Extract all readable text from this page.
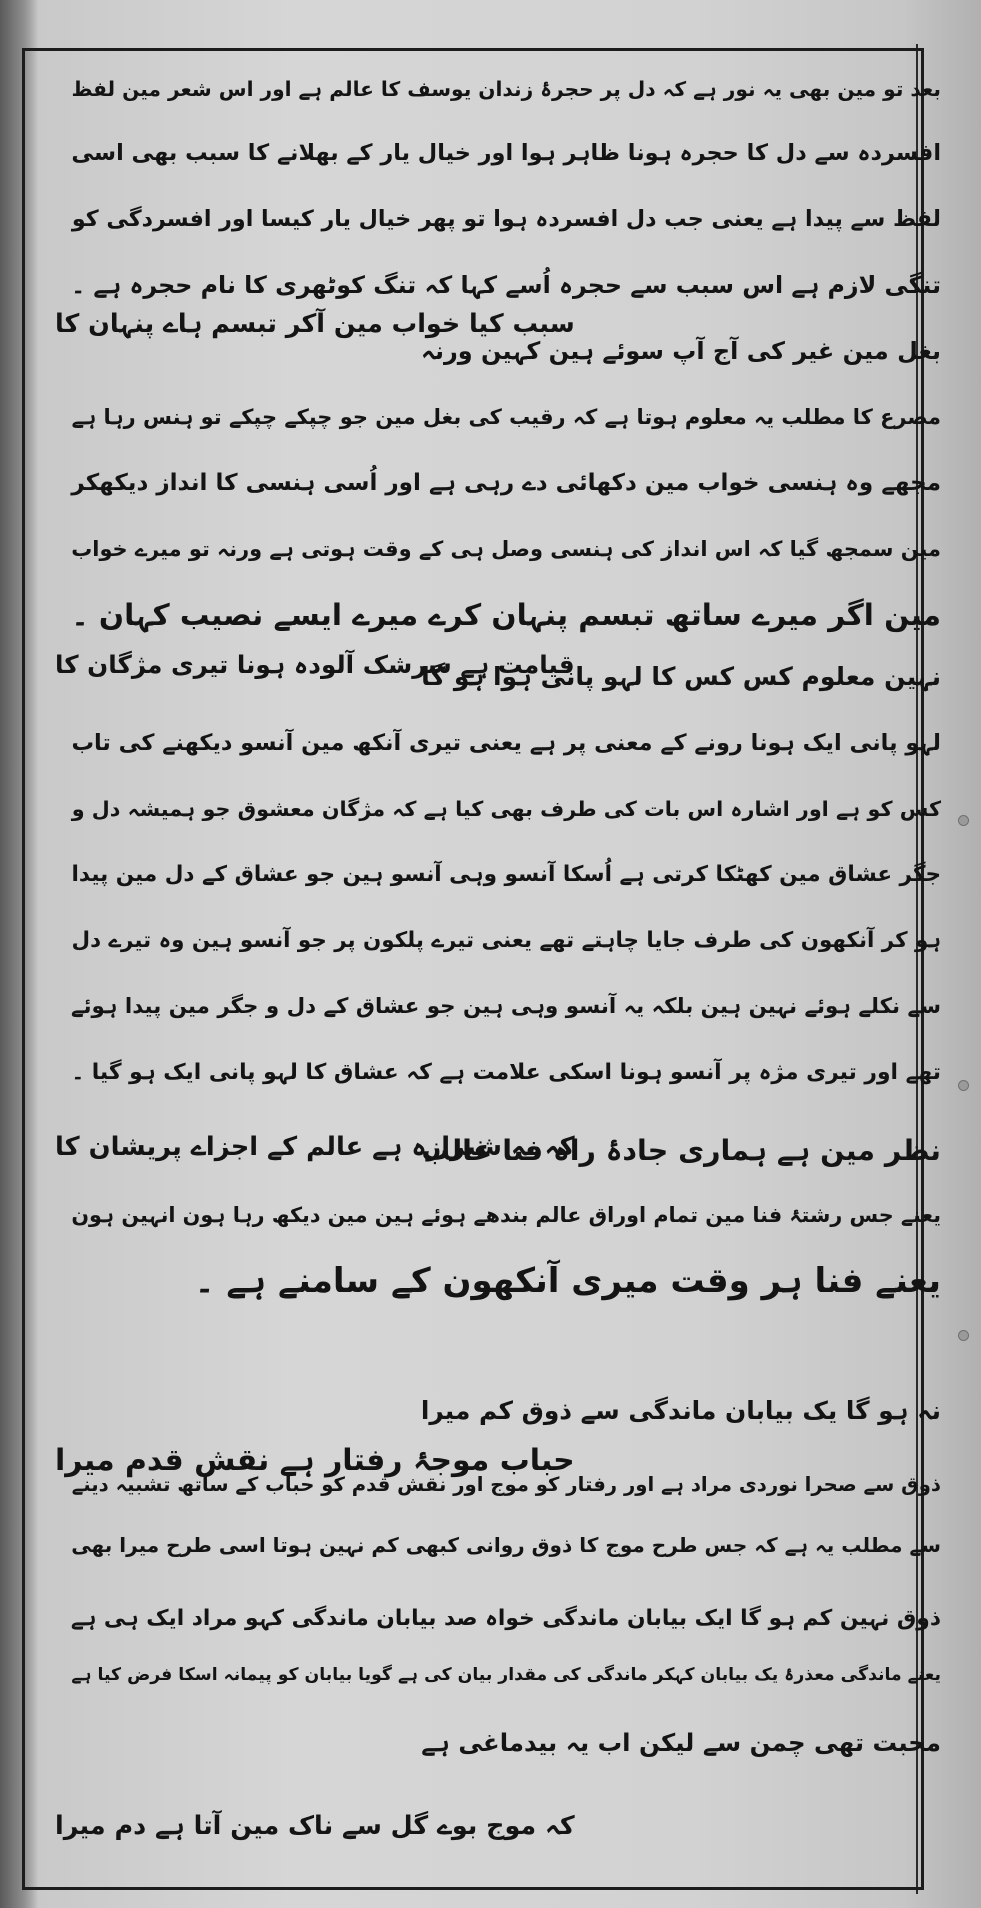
بعد تو مین بھی یہ نور ہے کہ دل پر حجرۂ زندان یوسف کا عالم ہے اور اس شعر مین لفظ
افسردہ سے دل کا حجرہ ہونا ظاہر ہوا اور خیال یار کے بھلانے کا سبب بھی اسی
لفظ سے پیدا ہے یعنی جب دل افسردہ ہوا تو پھر خیال یار کیسا اور افسردگی کو
تنگی لازم ہے اس سبب سے حجرہ اُسے کہا کہ تنگ کوٹھری کا نام حجرہ ہے ۔
بغل مین غیر کی آج آپ سوئے ہین کہین ورنہ
سبب کیا خواب مین آکر تبسم ہاے پنہان کا
مصرع کا مطلب یہ معلوم ہوتا ہے کہ رقیب کی بغل مین جو چپکے چپکے تو ہنس رہا ہے
مجھے وہ ہنسی خواب مین دکھائی دے رہی ہے اور اُسی ہنسی کا انداز دیکھکر
مین سمجھ گیا کہ اس انداز کی ہنسی وصل ہی کے وقت ہوتی ہے ورنہ تو میرے خواب
مین اگر میرے ساتھ تبسم پنہان کرے میرے ایسے نصیب کہان ۔
نہین معلوم کس کس کا لہو پانی ہوا ہو گا
قیامت ہے سرشک آلودہ ہونا تیری مژگان کا
لہو پانی ایک ہونا رونے کے معنی پر ہے یعنی تیری آنکھ مین آنسو دیکھنے کی تاب
کس کو ہے اور اشارہ اس بات کی طرف بھی کیا ہے کہ مژگان معشوق جو ہمیشہ دل و
جگر عشاق مین کھٹکا کرتی ہے اُسکا آنسو وہی آنسو ہین جو عشاق کے دل مین پیدا
ہو کر آنکھون کی طرف جایا چاہتے تھے یعنی تیرے پلکون پر جو آنسو ہین وہ تیرے دل
سے نکلے ہوئے نہین ہین بلکہ یہ آنسو وہی ہین جو عشاق کے دل و جگر مین پیدا ہوئے
تھے اور تیری مژہ پر آنسو ہونا اسکی علامت ہے کہ عشاق کا لہو پانی ایک ہو گیا ۔
نظر مین ہے ہماری جادۂ راہ فنا غالب
کہ یہ شیرازہ ہے عالم کے اجزاے پریشان کا
یعنے جس رشتۂ فنا مین تمام اوراق عالم بندھے ہوئے ہین مین دیکھ رہا ہون انہین ہون
یعنے فنا ہر وقت میری آنکھون کے سامنے ہے ۔
نہ ہو گا یک بیابان ماندگی سے ذوق کم میرا
حباب موجۂ رفتار ہے نقش قدم میرا
ذوق سے صحرا نوردی مراد ہے اور رفتار کو موج اور نقش قدم کو حباب کے ساتھ تشبیہ دینے
سے مطلب یہ ہے کہ جس طرح موج کا ذوق روانی کبھی کم نہین ہوتا اسی طرح میرا بھی
ذوق نہین کم ہو گا ایک بیابان ماندگی خواہ صد بیابان ماندگی کہو مراد ایک ہی ہے
یعنے ماندگی معذرۂ یک بیابان کہکر ماندگی کی مقدار بیان کی ہے گویا بیابان کو پیمانہ اسکا فرض کیا ہے
محبت تھی چمن سے لیکن اب یہ بیدماغی ہے
کہ موج بوے گل سے ناک مین آتا ہے دم میرا
